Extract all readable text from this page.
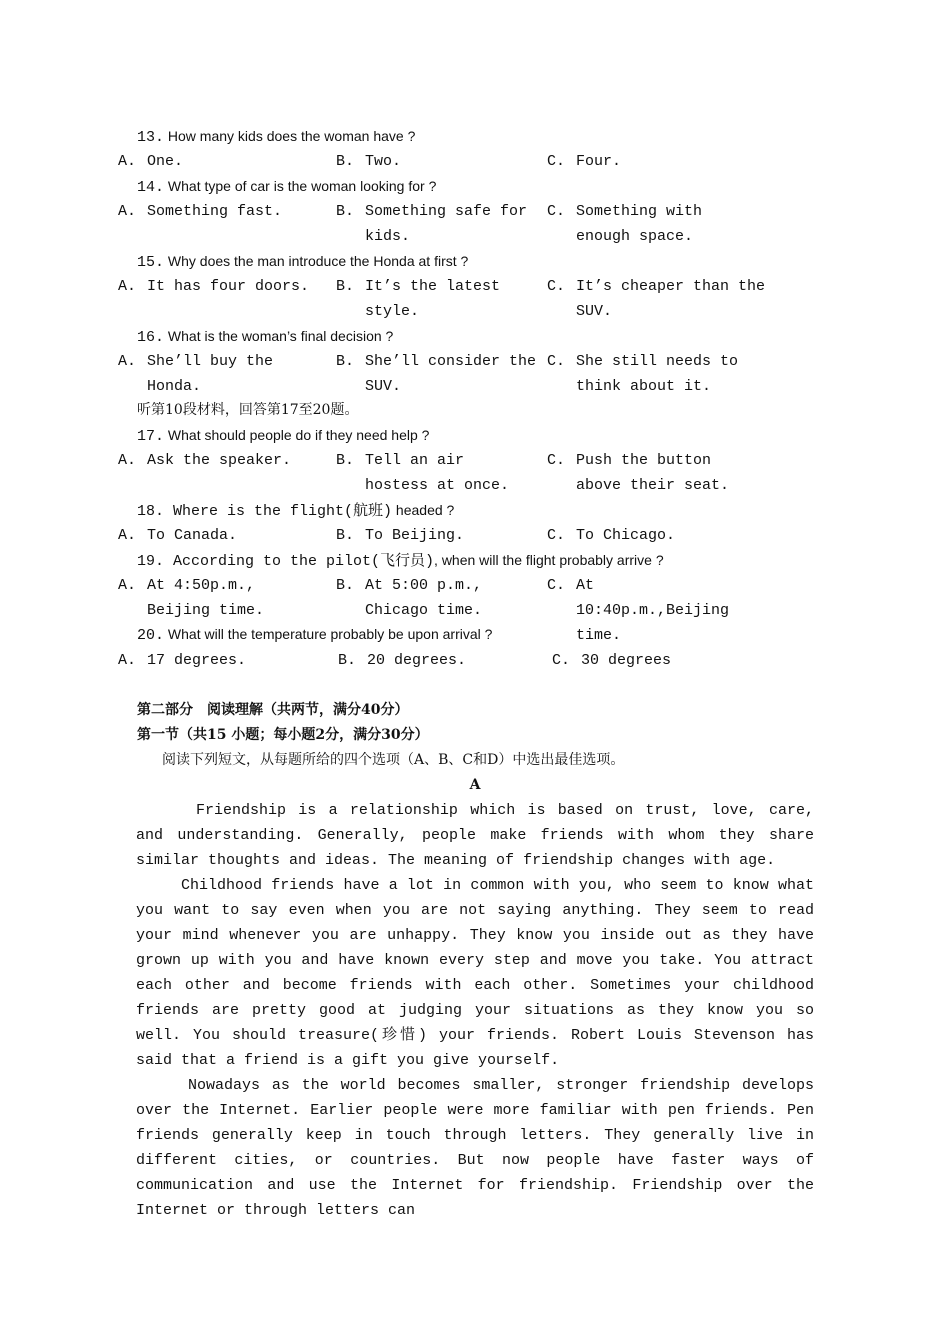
13. How many kids does the woman have ?
A. One.	B. Two.	C. Four.
14. What type of car is the woman looking for ?
A. Something fast.	B. Something safe for kids.
C. Something with enough space.
15. Why does the man introduce the Honda at first ?
A. It has four doors.	B. It’s the latest style.
C. It’s cheaper than the SUV.
16. What is the woman’s final decision ?
A. She’ll buy the Honda.
B. She’ll consider the SUV.
C. She still needs to think about it.
听第10段材料，回答第17至20题。
17. What should people do if they need help ?
A. Ask the speaker.	B. Tell an air hostess at once.
C. Push the button above their seat.
18. Where is the flight(航班) headed ?
A. To Canada.	B. To Beijing.	C. To Chicago.
19. According to the pilot(飞行员), when will the flight probably arrive ?
A. At 4:50p.m., Beijing time.
B. At 5:00 p.m., Chicago time.
C. At 10:40p.m.,Beijing time.
20. What will the temperature probably be upon arrival ?
A. 17 degrees.	B. 20 degrees.	C. 30 degrees
第二部分　阅读理解（共两节，满分40分）
第一节（共15 小题；每小题2分，满分30分）
阅读下列短文，从每题所给的四个选项（A、B、C和D）中选出最佳选项。
A

Friendship is a relationship which is based on trust, love, care, and understanding. Generally, people make friends with whom they share similar thoughts and ideas. The meaning of friendship changes with age.

Childhood friends have a lot in common with you, who seem to know what you want to say even when you are not saying anything. They seem to read your mind whenever you are unhappy. They know you inside out as they have grown up with you and have known every step and move you take. You attract each other and become friends with each other. Sometimes your childhood friends are pretty good at judging your situations as they know you so well. You should treasure(珍惜) your friends. Robert Louis Stevenson has said that a friend is a gift you give yourself.

Nowadays as the world becomes smaller, stronger friendship develops over the Internet. Earlier people were more familiar with pen friends. Pen friends generally keep in touch through letters. They generally live in different cities, or countries. But now people have faster ways of communication and use the Internet for friendship. Friendship over the Internet or through letters can
